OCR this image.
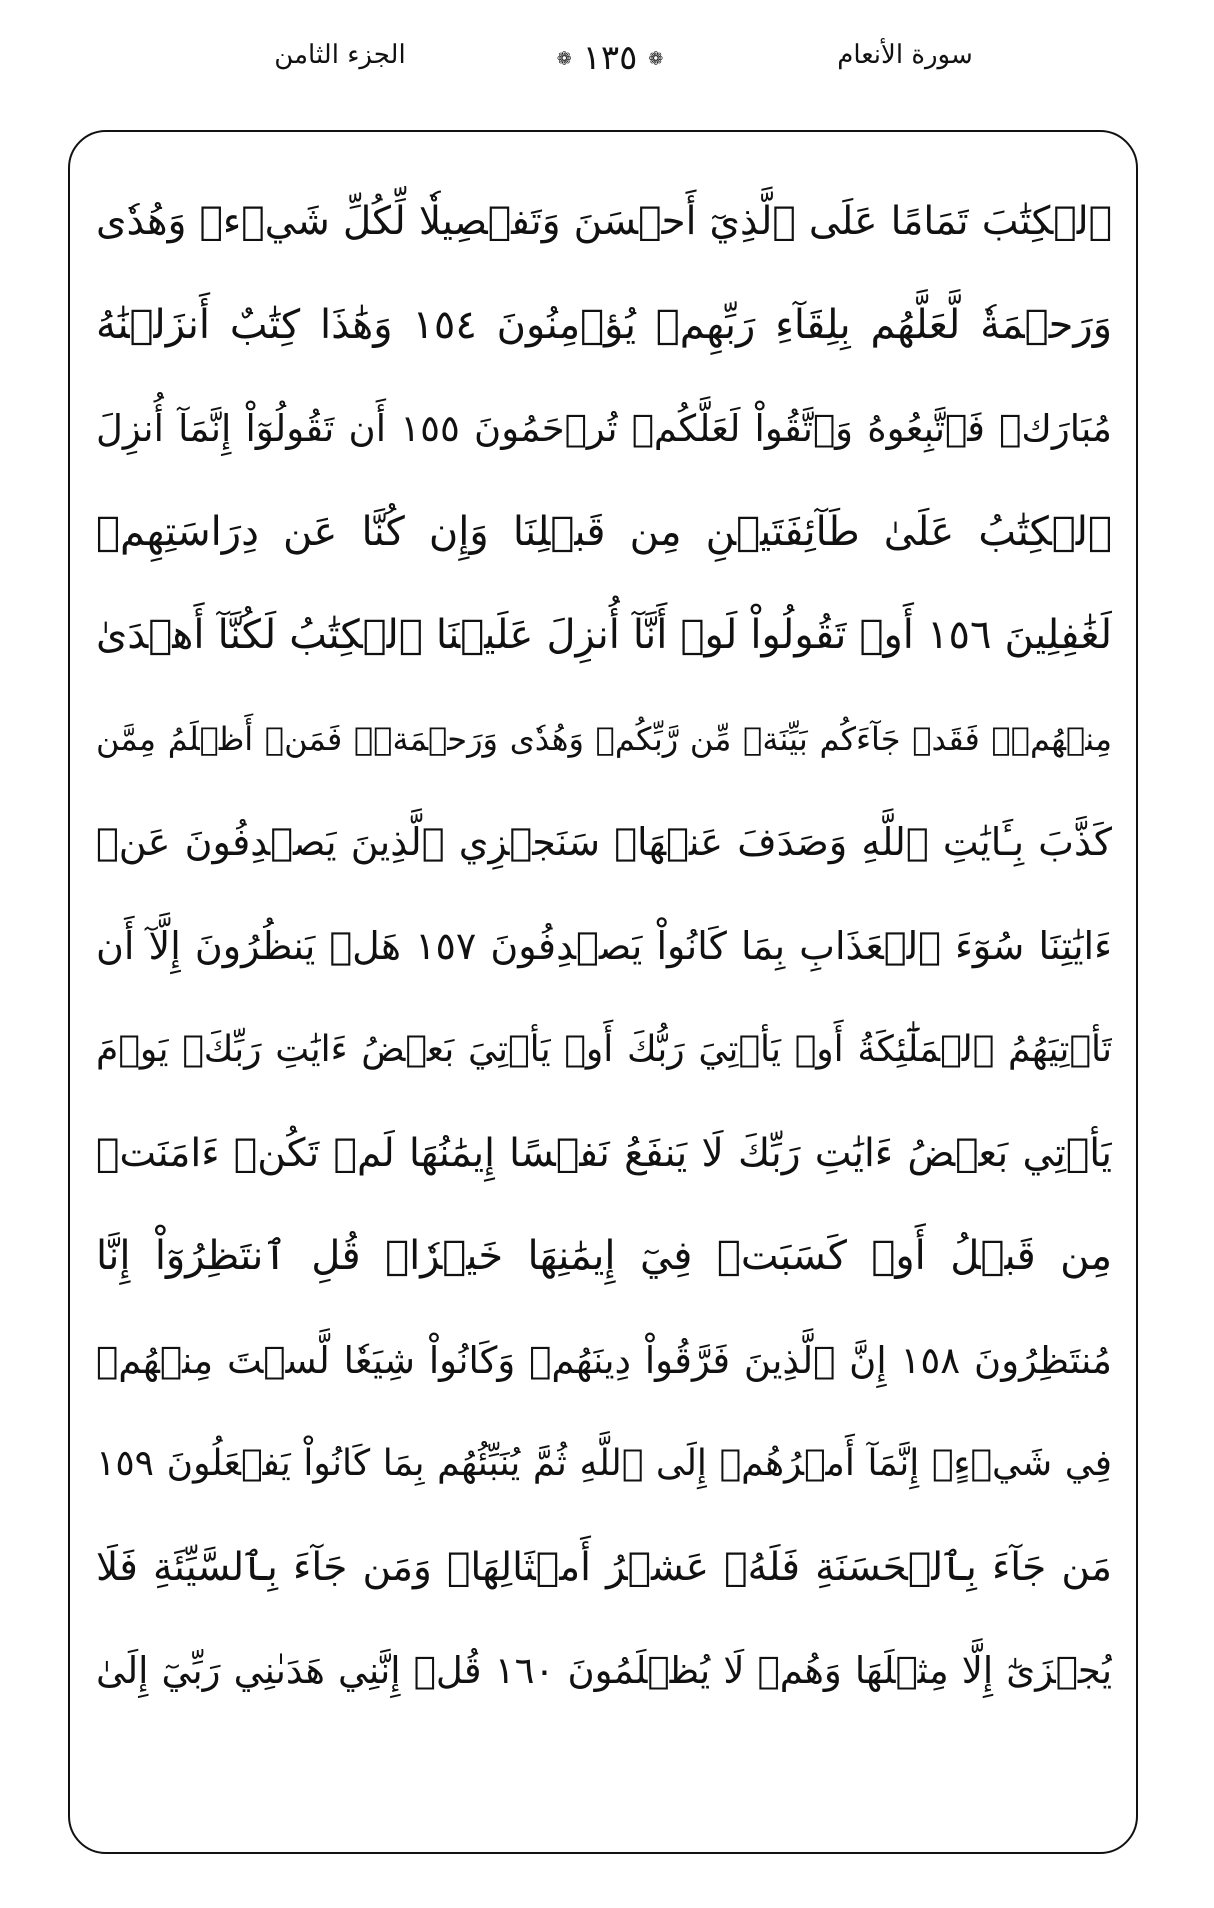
الجزء الثامن	❁ ١٣٥ ❁	سورة الأنعام
ٱلۡكِتَٰبَ تَمَامًا عَلَى ٱلَّذِيٓ أَحۡسَنَ وَتَفۡصِيلٗا لِّكُلِّ شَيۡءٖ وَهُدٗى
وَرَحۡمَةٗ لَّعَلَّهُم بِلِقَآءِ رَبِّهِمۡ يُؤۡمِنُونَ ١٥٤ وَهَٰذَا كِتَٰبٌ أَنزَلۡنَٰهُ
مُبَارَكٞ فَٱتَّبِعُوهُ وَٱتَّقُواْ لَعَلَّكُمۡ تُرۡحَمُونَ ١٥٥ أَن تَقُولُوٓاْ إِنَّمَآ أُنزِلَ
ٱلۡكِتَٰبُ عَلَىٰ طَآئِفَتَيۡنِ مِن قَبۡلِنَا وَإِن كُنَّا عَن دِرَاسَتِهِمۡ
لَغَٰفِلِينَ ١٥٦ أَوۡ تَقُولُواْ لَوۡ أَنَّآ أُنزِلَ عَلَيۡنَا ٱلۡكِتَٰبُ لَكُنَّآ أَهۡدَىٰ
مِنۡهُمۡۚ فَقَدۡ جَآءَكُم بَيِّنَةٞ مِّن رَّبِّكُمۡ وَهُدٗى وَرَحۡمَةٞۚ فَمَنۡ أَظۡلَمُ مِمَّن
كَذَّبَ بِـَٔايَٰتِ ٱللَّهِ وَصَدَفَ عَنۡهَاۗ سَنَجۡزِي ٱلَّذِينَ يَصۡدِفُونَ عَنۡ
ءَايَٰتِنَا سُوٓءَ ٱلۡعَذَابِ بِمَا كَانُواْ يَصۡدِفُونَ ١٥٧ هَلۡ يَنظُرُونَ إِلَّآ أَن
تَأۡتِيَهُمُ ٱلۡمَلَٰٓئِكَةُ أَوۡ يَأۡتِيَ رَبُّكَ أَوۡ يَأۡتِيَ بَعۡضُ ءَايَٰتِ رَبِّكَۗ يَوۡمَ
يَأۡتِي بَعۡضُ ءَايَٰتِ رَبِّكَ لَا يَنفَعُ نَفۡسًا إِيمَٰنُهَا لَمۡ تَكُنۡ ءَامَنَتۡ
مِن قَبۡلُ أَوۡ كَسَبَتۡ فِيٓ إِيمَٰنِهَا خَيۡرٗاۗ قُلِ ٱنتَظِرُوٓاْ إِنَّا
مُنتَظِرُونَ ١٥٨ إِنَّ ٱلَّذِينَ فَرَّقُواْ دِينَهُمۡ وَكَانُواْ شِيَعٗا لَّسۡتَ مِنۡهُمۡ
فِي شَيۡءٍۚ إِنَّمَآ أَمۡرُهُمۡ إِلَى ٱللَّهِ ثُمَّ يُنَبِّئُهُم بِمَا كَانُواْ يَفۡعَلُونَ ١٥٩
مَن جَآءَ بِٱلۡحَسَنَةِ فَلَهُۥ عَشۡرُ أَمۡثَالِهَاۖ وَمَن جَآءَ بِٱلسَّيِّئَةِ فَلَا
يُجۡزَىٰٓ إِلَّا مِثۡلَهَا وَهُمۡ لَا يُظۡلَمُونَ ١٦٠ قُلۡ إِنَّنِي هَدَىٰنِي رَبِّيٓ إِلَىٰ
